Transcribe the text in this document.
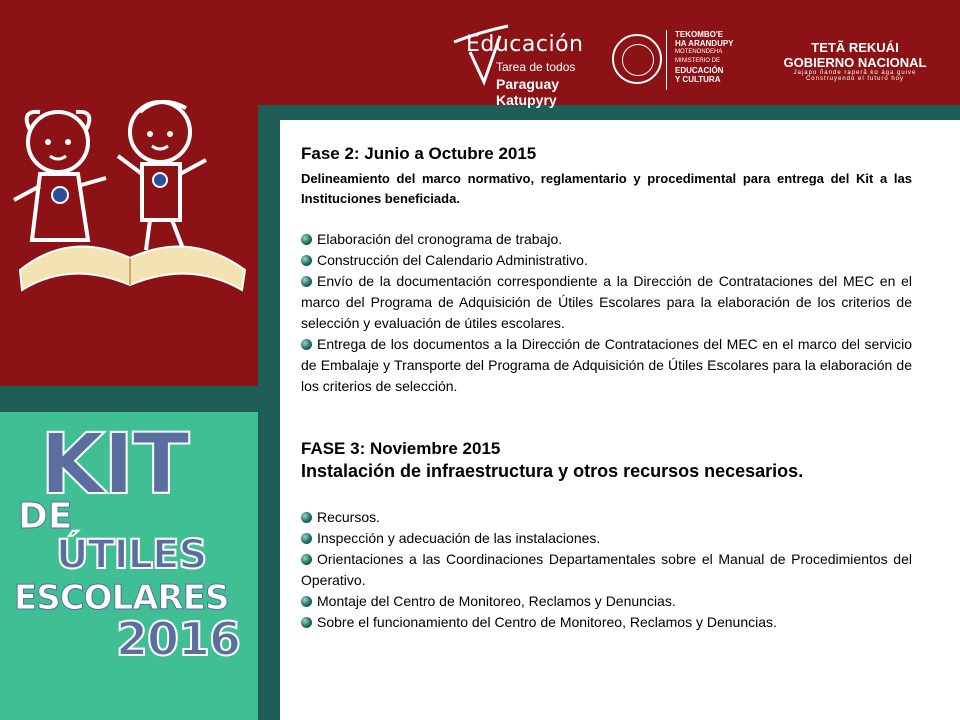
Educación
Tarea de todos
Paraguay Katupyry
TEKOMBO'E
HA ARANDUPY
MOTENONDEHA
MINISTERIO DE
EDUCACIÓN
Y CULTURA
TETÃ REKUÁI
GOBIERNO NACIONAL
Jajapo ñande raperã ko ága guive
Construyendo el futuro hoy
KIT
DE
ÚTILES
ESCOLARES
2016
Fase 2: Junio a Octubre 2015

Delineamiento del marco normativo, reglamentario y procedimental para entrega del Kit a las Instituciones beneficiada.

Elaboración del cronograma de trabajo.
Construcción del Calendario Administrativo.
Envío de la documentación correspondiente a la Dirección de Contrataciones del MEC en el marco del Programa de Adquisición de Útiles Escolares para la elaboración de los criterios de selección y evaluación de útiles escolares.
Entrega de los documentos a la Dirección de Contrataciones del MEC en el marco del servicio de Embalaje y Transporte del Programa de Adquisición de Útiles Escolares para la elaboración de los criterios de selección.
FASE 3: Noviembre 2015
Instalación de infraestructura y otros recursos necesarios.
Recursos.
Inspección y adecuación de las instalaciones.
Orientaciones a las Coordinaciones Departamentales sobre el Manual de Procedimientos del Operativo.
Montaje del Centro de Monitoreo, Reclamos y Denuncias.
Sobre el funcionamiento del Centro de Monitoreo, Reclamos y Denuncias.
